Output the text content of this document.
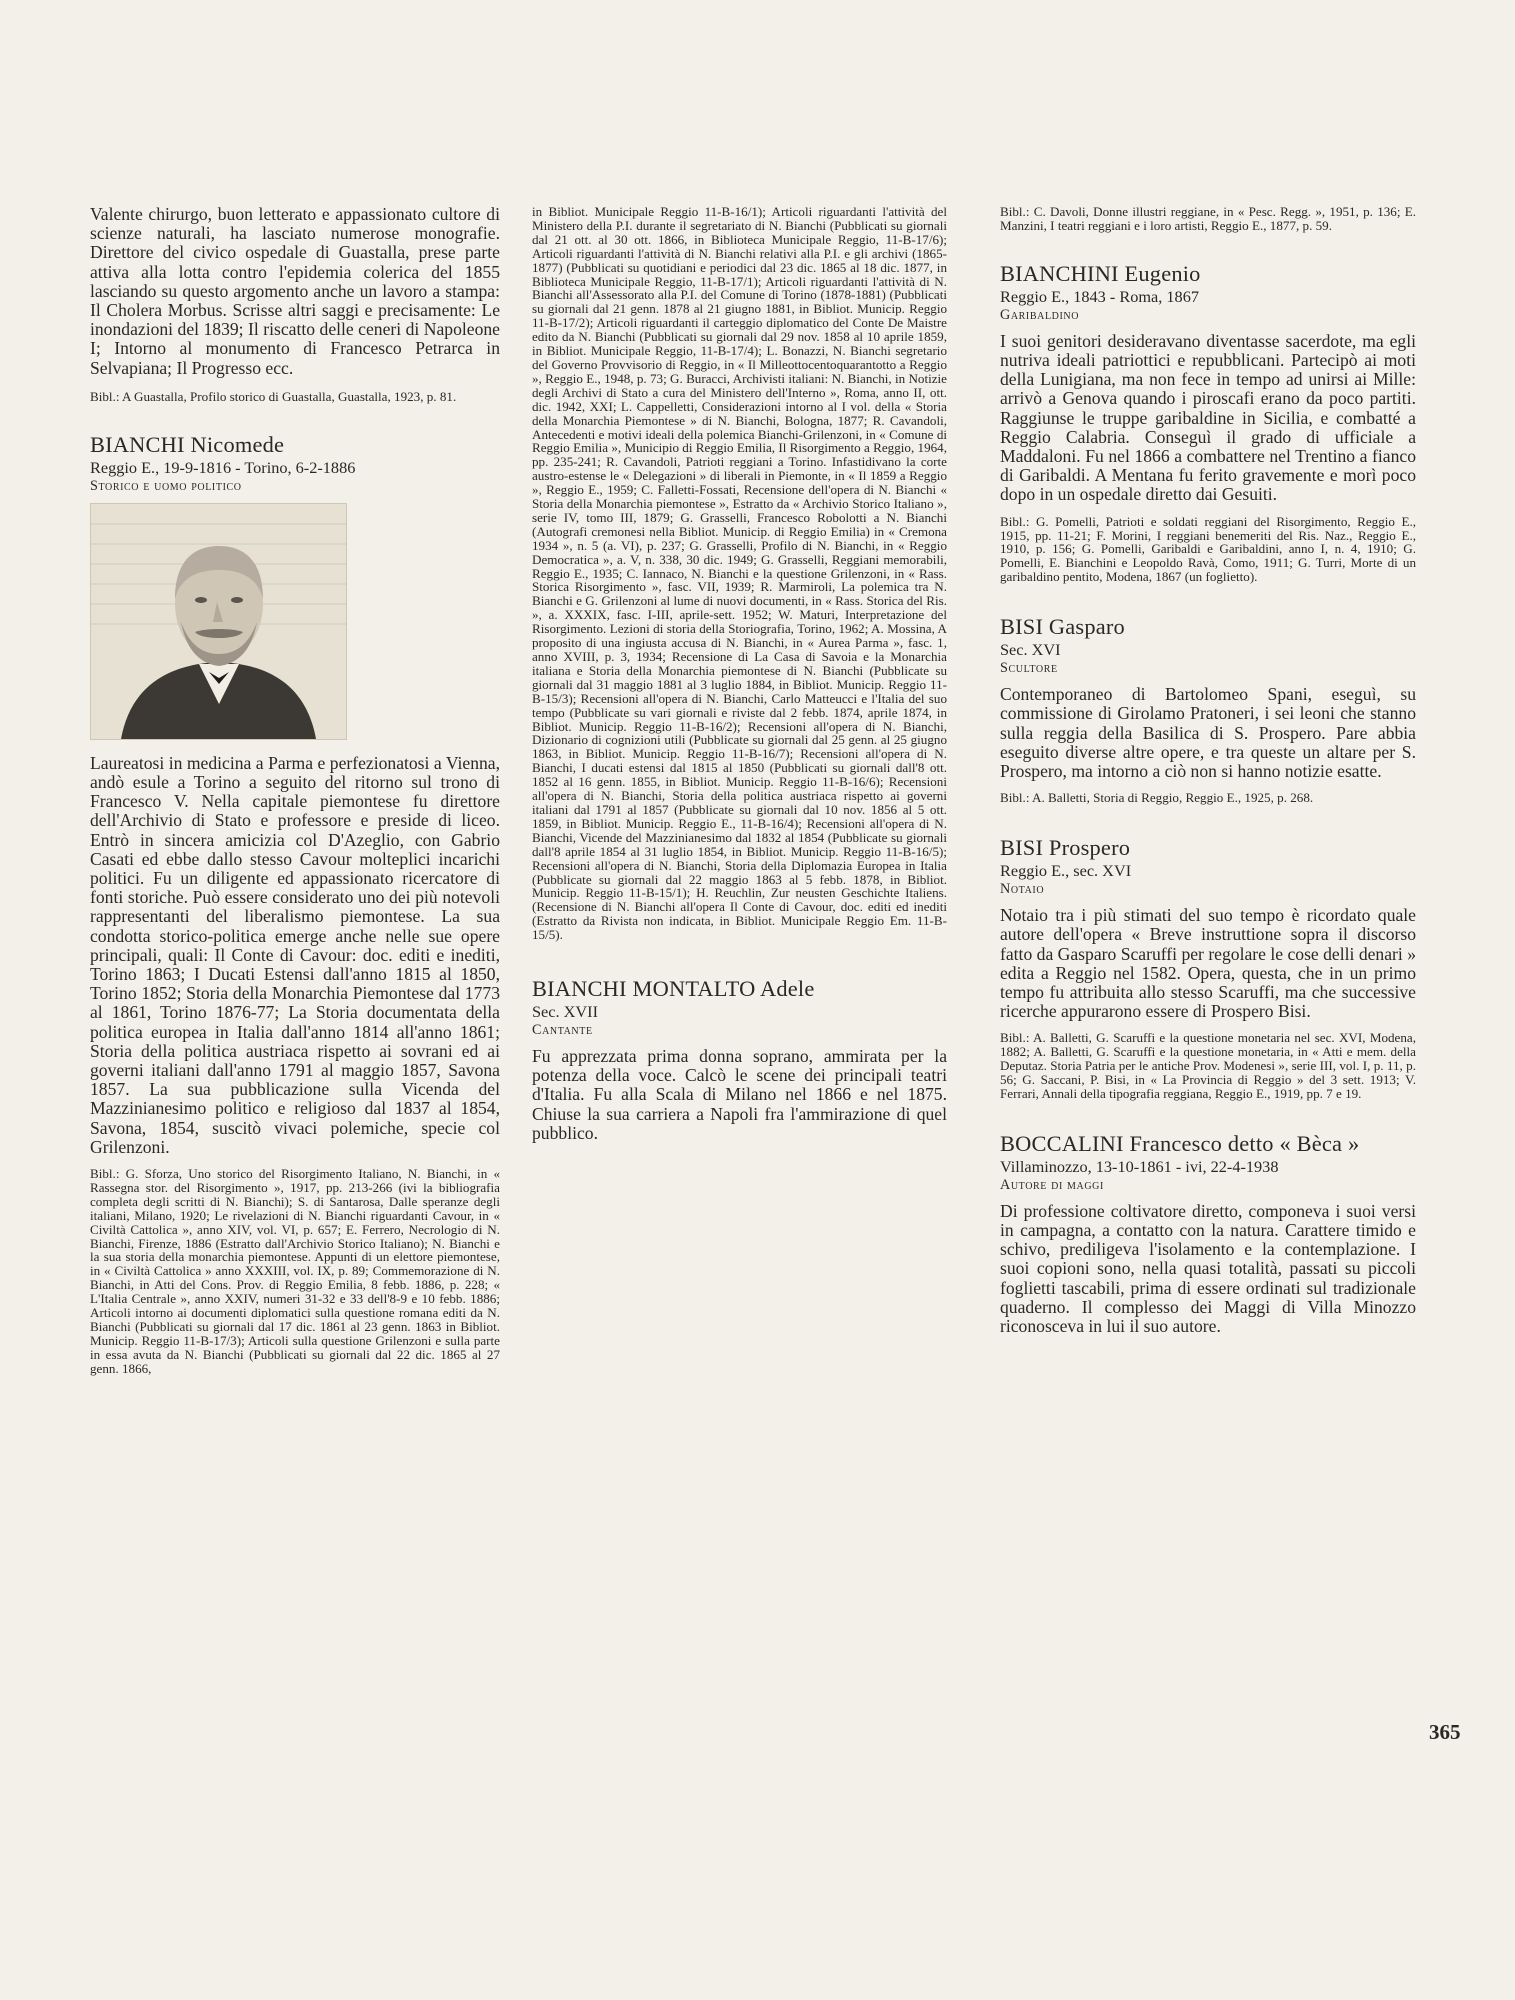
Valente chirurgo, buon letterato e appassionato cultore di scienze naturali, ha lasciato numerose monografie. Direttore del civico ospedale di Guastalla, prese parte attiva alla lotta contro l'epidemia colerica del 1855 lasciando su questo argomento anche un lavoro a stampa: Il Cholera Morbus. Scrisse altri saggi e precisamente: Le inondazioni del 1839; Il riscatto delle ceneri di Napoleone I; Intorno al monumento di Francesco Petrarca in Selvapiana; Il Progresso ecc.

Bibl.: A Guastalla, Profilo storico di Guastalla, Guastalla, 1923, p. 81.

BIANCHI Nicomede

Reggio E., 19-9-1816 - Torino, 6-2-1886

Storico e uomo politico

Laureatosi in medicina a Parma e perfezionatosi a Vienna, andò esule a Torino a seguito del ritorno sul trono di Francesco V. Nella capitale piemontese fu direttore dell'Archivio di Stato e professore e preside di liceo. Entrò in sincera amicizia col D'Azeglio, con Gabrio Casati ed ebbe dallo stesso Cavour molteplici incarichi politici. Fu un diligente ed appassionato ricercatore di fonti storiche. Può essere considerato uno dei più notevoli rappresentanti del liberalismo piemontese. La sua condotta storico-politica emerge anche nelle sue opere principali, quali: Il Conte di Cavour: doc. editi e inediti, Torino 1863; I Ducati Estensi dall'anno 1815 al 1850, Torino 1852; Storia della Monarchia Piemontese dal 1773 al 1861, Torino 1876-77; La Storia documentata della politica europea in Italia dall'anno 1814 all'anno 1861; Storia della politica austriaca rispetto ai sovrani ed ai governi italiani dall'anno 1791 al maggio 1857, Savona 1857. La sua pubblicazione sulla Vicenda del Mazzinianesimo politico e religioso dal 1837 al 1854, Savona, 1854, suscitò vivaci polemiche, specie col Grilenzoni.

Bibl.: G. Sforza, Uno storico del Risorgimento Italiano, N. Bianchi, in « Rassegna stor. del Risorgimento », 1917, pp. 213-266 (ivi la bibliografia completa degli scritti di N. Bianchi); S. di Santarosa, Dalle speranze degli italiani, Milano, 1920; Le rivelazioni di N. Bianchi riguardanti Cavour, in « Civiltà Cattolica », anno XIV, vol. VI, p. 657; E. Ferrero, Necrologio di N. Bianchi, Firenze, 1886 (Estratto dall'Archivio Storico Italiano); N. Bianchi e la sua storia della monarchia piemontese. Appunti di un elettore piemontese, in « Civiltà Cattolica » anno XXXIII, vol. IX, p. 89; Commemorazione di N. Bianchi, in Atti del Cons. Prov. di Reggio Emilia, 8 febb. 1886, p. 228; « L'Italia Centrale », anno XXIV, numeri 31-32 e 33 dell'8-9 e 10 febb. 1886; Articoli intorno ai documenti diplomatici sulla questione romana editi da N. Bianchi (Pubblicati su giornali dal 17 dic. 1861 al 23 genn. 1863 in Bibliot. Municip. Reggio 11-B-17/3); Articoli sulla questione Grilenzoni e sulla parte in essa avuta da N. Bianchi (Pubblicati su giornali dal 22 dic. 1865 al 27 genn. 1866,

in Bibliot. Municipale Reggio 11-B-16/1); Articoli riguardanti l'attività del Ministero della P.I. durante il segretariato di N. Bianchi (Pubblicati su giornali dal 21 ott. al 30 ott. 1866, in Biblioteca Municipale Reggio, 11-B-17/6); Articoli riguardanti l'attività di N. Bianchi relativi alla P.I. e gli archivi (1865-1877) (Pubblicati su quotidiani e periodici dal 23 dic. 1865 al 18 dic. 1877, in Biblioteca Municipale Reggio, 11-B-17/1); Articoli riguardanti l'attività di N. Bianchi all'Assessorato alla P.I. del Comune di Torino (1878-1881) (Pubblicati su giornali dal 21 genn. 1878 al 21 giugno 1881, in Bibliot. Municip. Reggio 11-B-17/2); Articoli riguardanti il carteggio diplomatico del Conte De Maistre edito da N. Bianchi (Pubblicati su giornali dal 29 nov. 1858 al 10 aprile 1859, in Bibliot. Municipale Reggio, 11-B-17/4); L. Bonazzi, N. Bianchi segretario del Governo Provvisorio di Reggio, in « Il Milleottocentoquarantotto a Reggio », Reggio E., 1948, p. 73; G. Buracci, Archivisti italiani: N. Bianchi, in Notizie degli Archivi di Stato a cura del Ministero dell'Interno », Roma, anno II, ott. dic. 1942, XXI; L. Cappelletti, Considerazioni intorno al I vol. della « Storia della Monarchia Piemontese » di N. Bianchi, Bologna, 1877; R. Cavandoli, Antecedenti e motivi ideali della polemica Bianchi-Grilenzoni, in « Comune di Reggio Emilia », Municipio di Reggio Emilia, Il Risorgimento a Reggio, 1964, pp. 235-241; R. Cavandoli, Patrioti reggiani a Torino. Infastidivano la corte austro-estense le « Delegazioni » di liberali in Piemonte, in « Il 1859 a Reggio », Reggio E., 1959; C. Falletti-Fossati, Recensione dell'opera di N. Bianchi « Storia della Monarchia piemontese », Estratto da « Archivio Storico Italiano », serie IV, tomo III, 1879; G. Grasselli, Francesco Robolotti a N. Bianchi (Autografi cremonesi nella Bibliot. Municip. di Reggio Emilia) in « Cremona 1934 », n. 5 (a. VI), p. 237; G. Grasselli, Profilo di N. Bianchi, in « Reggio Democratica », a. V, n. 338, 30 dic. 1949; G. Grasselli, Reggiani memorabili, Reggio E., 1935; C. Iannaco, N. Bianchi e la questione Grilenzoni, in « Rass. Storica Risorgimento », fasc. VII, 1939; R. Marmiroli, La polemica tra N. Bianchi e G. Grilenzoni al lume di nuovi documenti, in « Rass. Storica del Ris. », a. XXXIX, fasc. I-III, aprile-sett. 1952; W. Maturi, Interpretazione del Risorgimento. Lezioni di storia della Storiografia, Torino, 1962; A. Mossina, A proposito di una ingiusta accusa di N. Bianchi, in « Aurea Parma », fasc. 1, anno XVIII, p. 3, 1934; Recensione di La Casa di Savoia e la Monarchia italiana e Storia della Monarchia piemontese di N. Bianchi (Pubblicate su giornali dal 31 maggio 1881 al 3 luglio 1884, in Bibliot. Municip. Reggio 11-B-15/3); Recensioni all'opera di N. Bianchi, Carlo Matteucci e l'Italia del suo tempo (Pubblicate su vari giornali e riviste dal 2 febb. 1874, aprile 1874, in Bibliot. Municip. Reggio 11-B-16/2); Recensioni all'opera di N. Bianchi, Dizionario di cognizioni utili (Pubblicate su giornali dal 25 genn. al 25 giugno 1863, in Bibliot. Municip. Reggio 11-B-16/7); Recensioni all'opera di N. Bianchi, I ducati estensi dal 1815 al 1850 (Pubblicati su giornali dall'8 ott. 1852 al 16 genn. 1855, in Bibliot. Municip. Reggio 11-B-16/6); Recensioni all'opera di N. Bianchi, Storia della politica austriaca rispetto ai governi italiani dal 1791 al 1857 (Pubblicate su giornali dal 10 nov. 1856 al 5 ott. 1859, in Bibliot. Municip. Reggio E., 11-B-16/4); Recensioni all'opera di N. Bianchi, Vicende del Mazzinianesimo dal 1832 al 1854 (Pubblicate su giornali dall'8 aprile 1854 al 31 luglio 1854, in Bibliot. Municip. Reggio 11-B-16/5); Recensioni all'opera di N. Bianchi, Storia della Diplomazia Europea in Italia (Pubblicate su giornali dal 22 maggio 1863 al 5 febb. 1878, in Bibliot. Municip. Reggio 11-B-15/1); H. Reuchlin, Zur neusten Geschichte Italiens. (Recensione di N. Bianchi all'opera Il Conte di Cavour, doc. editi ed inediti (Estratto da Rivista non indicata, in Bibliot. Municipale Reggio Em. 11-B-15/5).

BIANCHI MONTALTO Adele

Sec. XVII

Cantante

Fu apprezzata prima donna soprano, ammirata per la potenza della voce. Calcò le scene dei principali teatri d'Italia. Fu alla Scala di Milano nel 1866 e nel 1875. Chiuse la sua carriera a Napoli fra l'ammirazione di quel pubblico.

Bibl.: C. Davoli, Donne illustri reggiane, in « Pesc. Regg. », 1951, p. 136; E. Manzini, I teatri reggiani e i loro artisti, Reggio E., 1877, p. 59.

BIANCHINI Eugenio

Reggio E., 1843 - Roma, 1867

Garibaldino

I suoi genitori desideravano diventasse sacerdote, ma egli nutriva ideali patriottici e repubblicani. Partecipò ai moti della Lunigiana, ma non fece in tempo ad unirsi ai Mille: arrivò a Genova quando i piroscafi erano da poco partiti. Raggiunse le truppe garibaldine in Sicilia, e combatté a Reggio Calabria. Conseguì il grado di ufficiale a Maddaloni. Fu nel 1866 a combattere nel Trentino a fianco di Garibaldi. A Mentana fu ferito gravemente e morì poco dopo in un ospedale diretto dai Gesuiti.

Bibl.: G. Pomelli, Patrioti e soldati reggiani del Risorgimento, Reggio E., 1915, pp. 11-21; F. Morini, I reggiani benemeriti del Ris. Naz., Reggio E., 1910, p. 156; G. Pomelli, Garibaldi e Garibaldini, anno I, n. 4, 1910; G. Pomelli, E. Bianchini e Leopoldo Ravà, Como, 1911; G. Turri, Morte di un garibaldino pentito, Modena, 1867 (un foglietto).

BISI Gasparo

Sec. XVI

Scultore

Contemporaneo di Bartolomeo Spani, eseguì, su commissione di Girolamo Pratoneri, i sei leoni che stanno sulla reggia della Basilica di S. Prospero. Pare abbia eseguito diverse altre opere, e tra queste un altare per S. Prospero, ma intorno a ciò non si hanno notizie esatte.

Bibl.: A. Balletti, Storia di Reggio, Reggio E., 1925, p. 268.

BISI Prospero

Reggio E., sec. XVI

Notaio

Notaio tra i più stimati del suo tempo è ricordato quale autore dell'opera « Breve instruttione sopra il discorso fatto da Gasparo Scaruffi per regolare le cose delli denari » edita a Reggio nel 1582. Opera, questa, che in un primo tempo fu attribuita allo stesso Scaruffi, ma che successive ricerche appurarono essere di Prospero Bisi.

Bibl.: A. Balletti, G. Scaruffi e la questione monetaria nel sec. XVI, Modena, 1882; A. Balletti, G. Scaruffi e la questione monetaria, in « Atti e mem. della Deputaz. Storia Patria per le antiche Prov. Modenesi », serie III, vol. I, p. 11, p. 56; G. Saccani, P. Bisi, in « La Provincia di Reggio » del 3 sett. 1913; V. Ferrari, Annali della tipografia reggiana, Reggio E., 1919, pp. 7 e 19.

BOCCALINI Francesco detto « Bèca »

Villaminozzo, 13-10-1861 - ivi, 22-4-1938

Autore di maggi

Di professione coltivatore diretto, componeva i suoi versi in campagna, a contatto con la natura. Carattere timido e schivo, prediligeva l'isolamento e la contemplazione. I suoi copioni sono, nella quasi totalità, passati su piccoli foglietti tascabili, prima di essere ordinati sul tradizionale quaderno. Il complesso dei Maggi di Villa Minozzo riconosceva in lui il suo autore.

365
